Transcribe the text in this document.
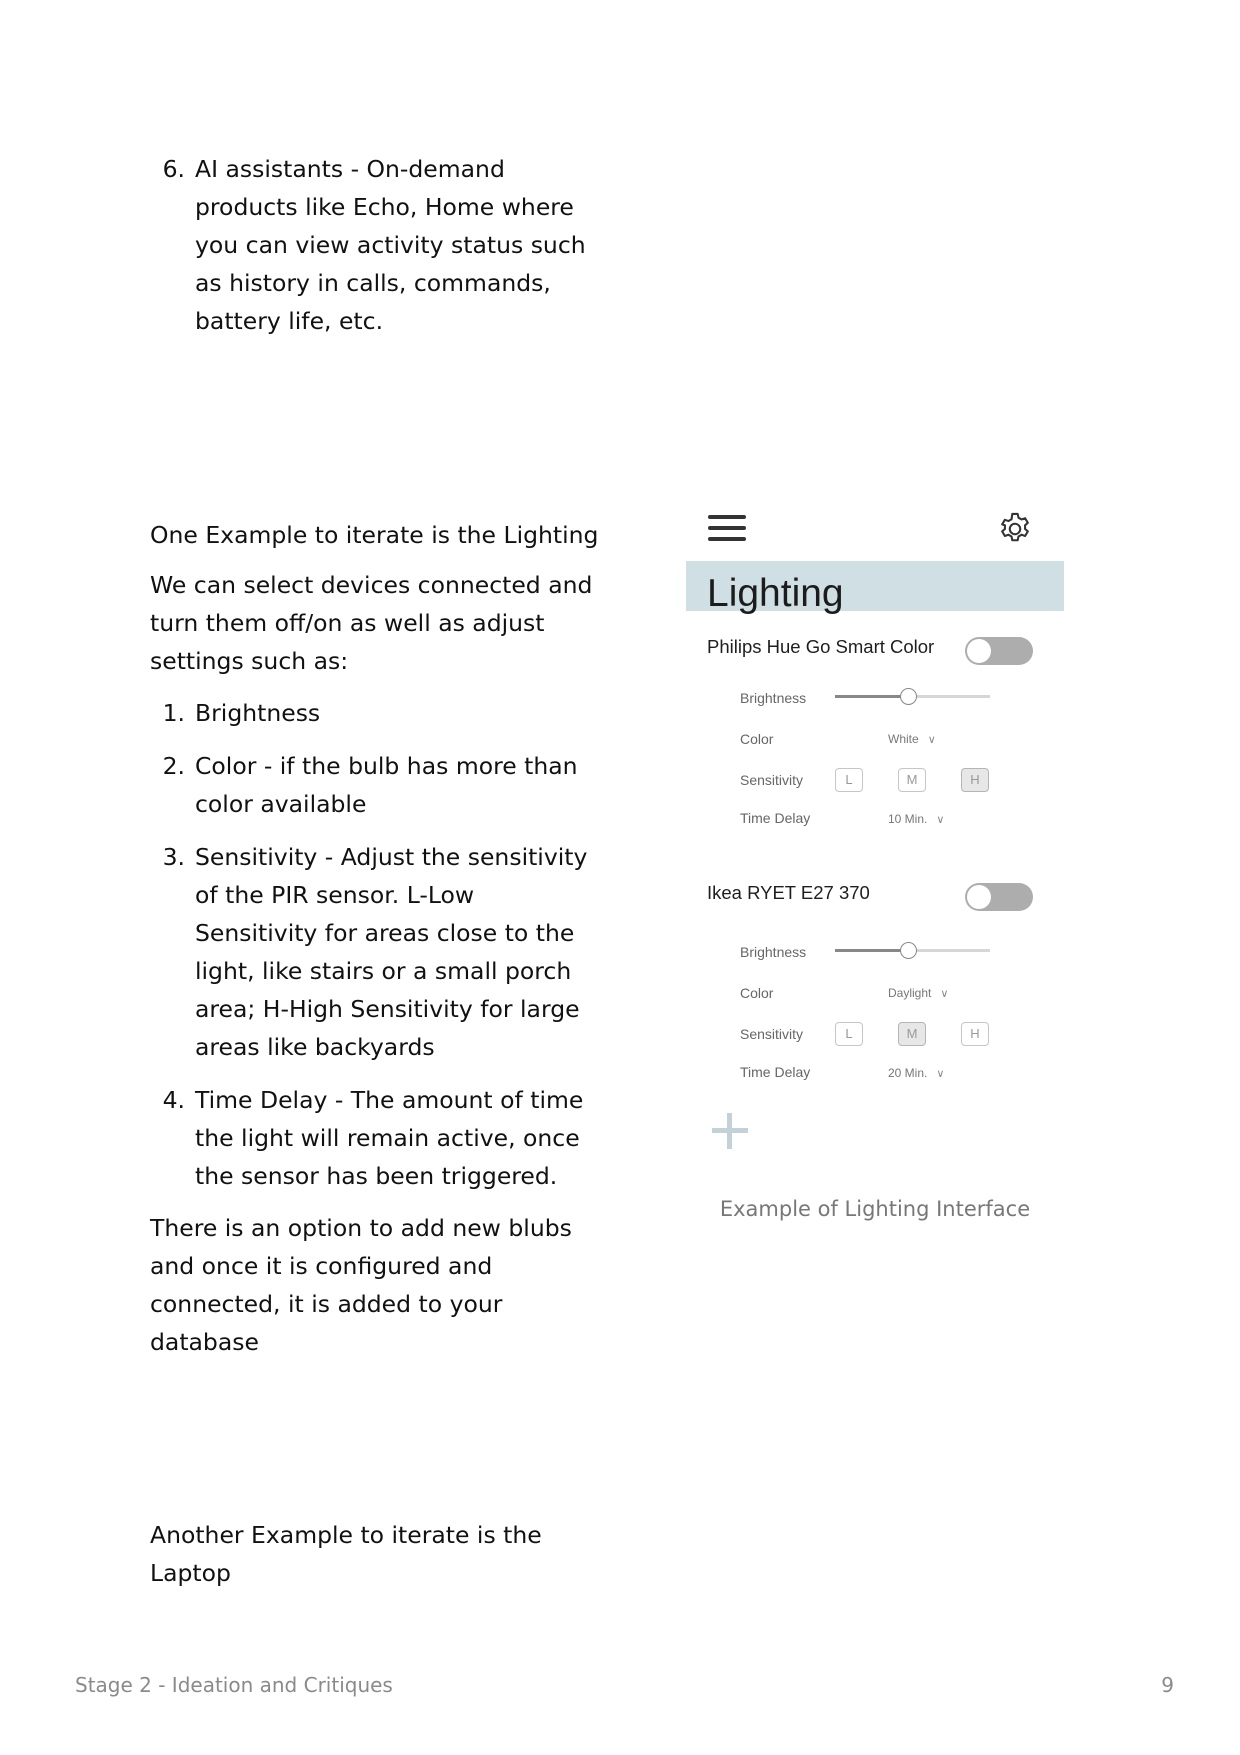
6. AI assistants - On-demand products like Echo, Home where you can view activity status such as history in calls, commands, battery life, etc.

One Example to iterate is the Lighting

We can select devices connected and turn them off/on as well as adjust settings such as:

1. Brightness
2. Color - if the bulb has more than color available
3. Sensitivity - Adjust the sensitivity of the PIR sensor. L-Low Sensitivity for areas close to the light, like stairs or a small porch area; H-High Sensitivity for large areas like backyards
4. Time Delay - The amount of time the light will remain active, once the sensor has been triggered.

There is an option to add new blubs and once it is configured and connected, it is added to your database

Another Example to iterate is the Laptop

Lighting
Philips Hue Go Smart Color
Brightness
Color	White ∨
Sensitivity	L	M	H
Time Delay	10 Min. ∨
Ikea RYET E27 370
Brightness
Color	Daylight ∨
Sensitivity	L	M	H
Time Delay	20 Min. ∨
Example of Lighting Interface
Stage 2 - Ideation and Critiques	9
